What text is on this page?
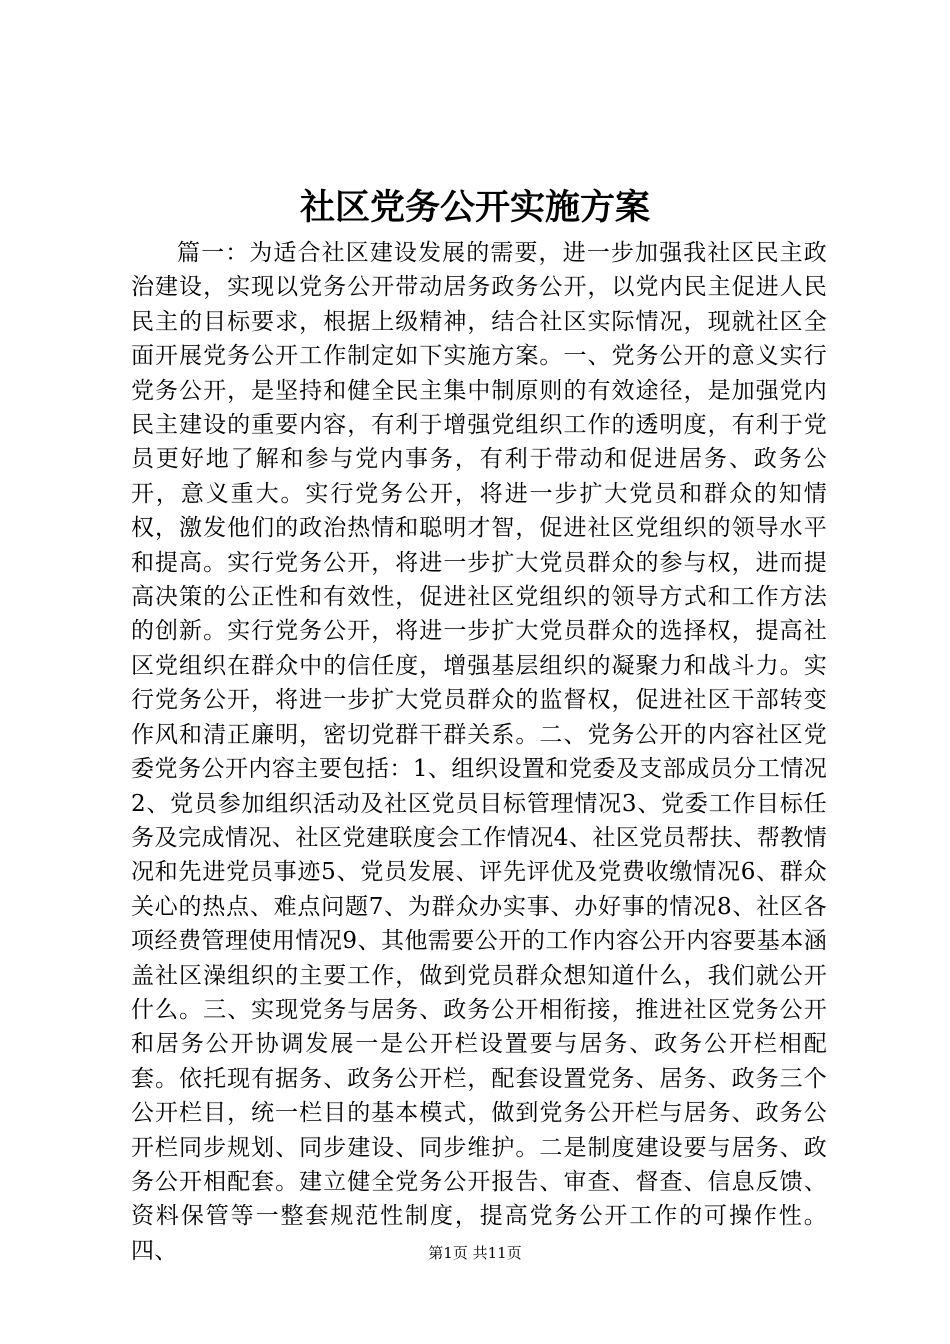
社区党务公开实施方案

篇一：为适合社区建设发展的需要，进一步加强我社区民主政治建设，实现以党务公开带动居务政务公开，以党内民主促进人民民主的目标要求，根据上级精神，结合社区实际情况，现就社区全面开展党务公开工作制定如下实施方案。一、党务公开的意义实行党务公开，是坚持和健全民主集中制原则的有效途径，是加强党内民主建设的重要内容，有利于增强党组织工作的透明度，有利于党员更好地了解和参与党内事务，有利于带动和促进居务、政务公开，意义重大。实行党务公开，将进一步扩大党员和群众的知情权，激发他们的政治热情和聪明才智，促进社区党组织的领导水平和提高。实行党务公开，将进一步扩大党员群众的参与权，进而提高决策的公正性和有效性，促进社区党组织的领导方式和工作方法的创新。实行党务公开，将进一步扩大党员群众的选择权，提高社区党组织在群众中的信任度，增强基层组织的凝聚力和战斗力。实行党务公开，将进一步扩大党员群众的监督权，促进社区干部转变作风和清正廉明，密切党群干群关系。二、党务公开的内容社区党委党务公开内容主要包括：1、组织设置和党委及支部成员分工情况2、党员参加组织活动及社区党员目标管理情况3、党委工作目标任务及完成情况、社区党建联度会工作情况4、社区党员帮扶、帮教情况和先进党员事迹5、党员发展、评先评优及党费收缴情况6、群众关心的热点、难点问题7、为群众办实事、办好事的情况8、社区各项经费管理使用情况9、其他需要公开的工作内容公开内容要基本涵盖社区澡组织的主要工作，做到党员群众想知道什么，我们就公开什么。三、实现党务与居务、政务公开相衔接，推进社区党务公开和居务公开协调发展一是公开栏设置要与居务、政务公开栏相配套。依托现有据务、政务公开栏，配套设置党务、居务、政务三个公开栏目，统一栏目的基本模式，做到党务公开栏与居务、政务公开栏同步规划、同步建设、同步维护。二是制度建设要与居务、政务公开相配套。建立健全党务公开报告、审查、督查、信息反馈、资料保管等一整套规范性制度，提高党务公开工作的可操作性。四、	第1页 共11页
